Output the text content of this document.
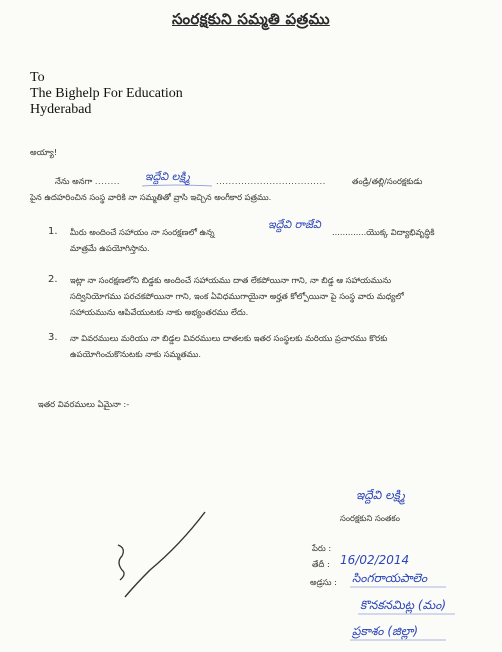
సంరక్షకుని సమ్మతి పత్రము
To
The Bighelp For Education
Hyderabad
అయ్యా!
నేను అనగా ........ ఇద్దేవి లక్ష్మి	...................................	తండ్రి/తల్లి/సంరక్షకుడు
పైన ఉదహరించిన సంస్థ వారికి నా సమ్మతితో వ్రాసి ఇచ్చిన అంగీకార పత్రము.
1. మీరు అందించే సహాయం నా సంరక్షణలో ఉన్న
ఇద్దేవి రాజేవి
.............యొక్క విద్యాభివృద్ధికి
మాత్రమే ఉపయోగిస్తాను.
2. ఇట్లా నా సంరక్షణలోని బిడ్డకు అందించే సహాయము దాత లేకపోయినా గాని, నా బిడ్డ ఆ సహాయమును
సద్వినియోగము పరచకపోయినా గాని, ఇంక ఏవిధముగాయైనా అర్హత కోల్పోయినా పై సంస్థ వారు మధ్యలో
సహాయమును ఆపివేయుటకు నాకు అభ్యంతరము లేదు.
3. నా వివరములు మరియు నా బిడ్డల వివరములు దాతలకు ఇతర సంస్థలకు మరియు ప్రచారము కొరకు
ఉపయోగించుకొనుటకు నాకు సమ్మతము.
ఇతర వివరములు ఏమైనా :-
ఇద్దేవి లక్ష్మి
సంరక్షకుని సంతకం
పేరు :
తేదీ : 16/02/2014
అడ్రసు : సింగరాయపాలెం
కొనకనమిట్ల (మం)
ప్రకాశం (జిల్లా)
